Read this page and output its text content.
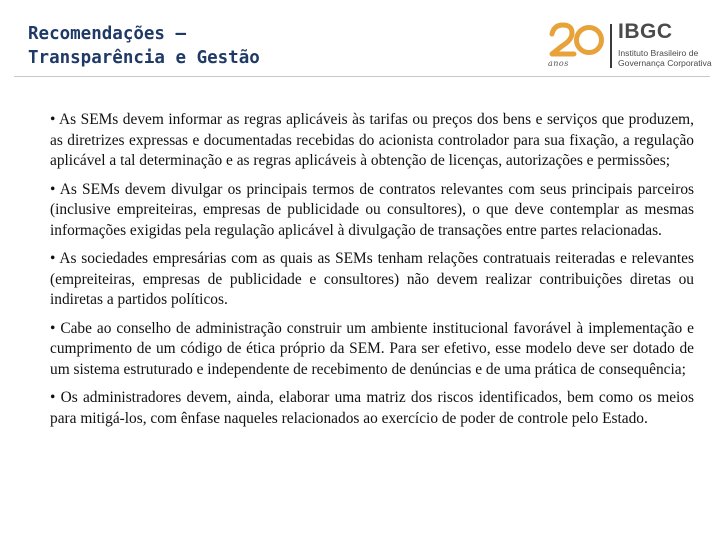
Recomendações –
Transparência e Gestão	anos
IBGC
Instituto Brasileiro de
Governança Corporativa

• As SEMs devem informar as regras aplicáveis às tarifas ou preços dos bens e serviços que produzem, as diretrizes expressas e documentadas recebidas do acionista controlador para sua fixação, a regulação aplicável a tal determinação e as regras aplicáveis à obtenção de licenças, autorizações e permissões;

• As SEMs devem divulgar os principais termos de contratos relevantes com seus principais parceiros (inclusive empreiteiras, empresas de publicidade ou consultores), o que deve contemplar as mesmas informações exigidas pela regulação aplicável à divulgação de transações entre partes relacionadas.

• As sociedades empresárias com as quais as SEMs tenham relações contratuais reiteradas e relevantes (empreiteiras, empresas de publicidade e consultores) não devem realizar contribuições diretas ou indiretas a partidos políticos.

• Cabe ao conselho de administração construir um ambiente institucional favorável à implementação e cumprimento de um código de ética próprio da SEM. Para ser efetivo, esse modelo deve ser dotado de um sistema estruturado e independente de recebimento de denúncias e de uma prática de consequência;

• Os administradores devem, ainda, elaborar uma matriz dos riscos identificados, bem como os meios para mitigá-los, com ênfase naqueles relacionados ao exercício de poder de controle pelo Estado.
